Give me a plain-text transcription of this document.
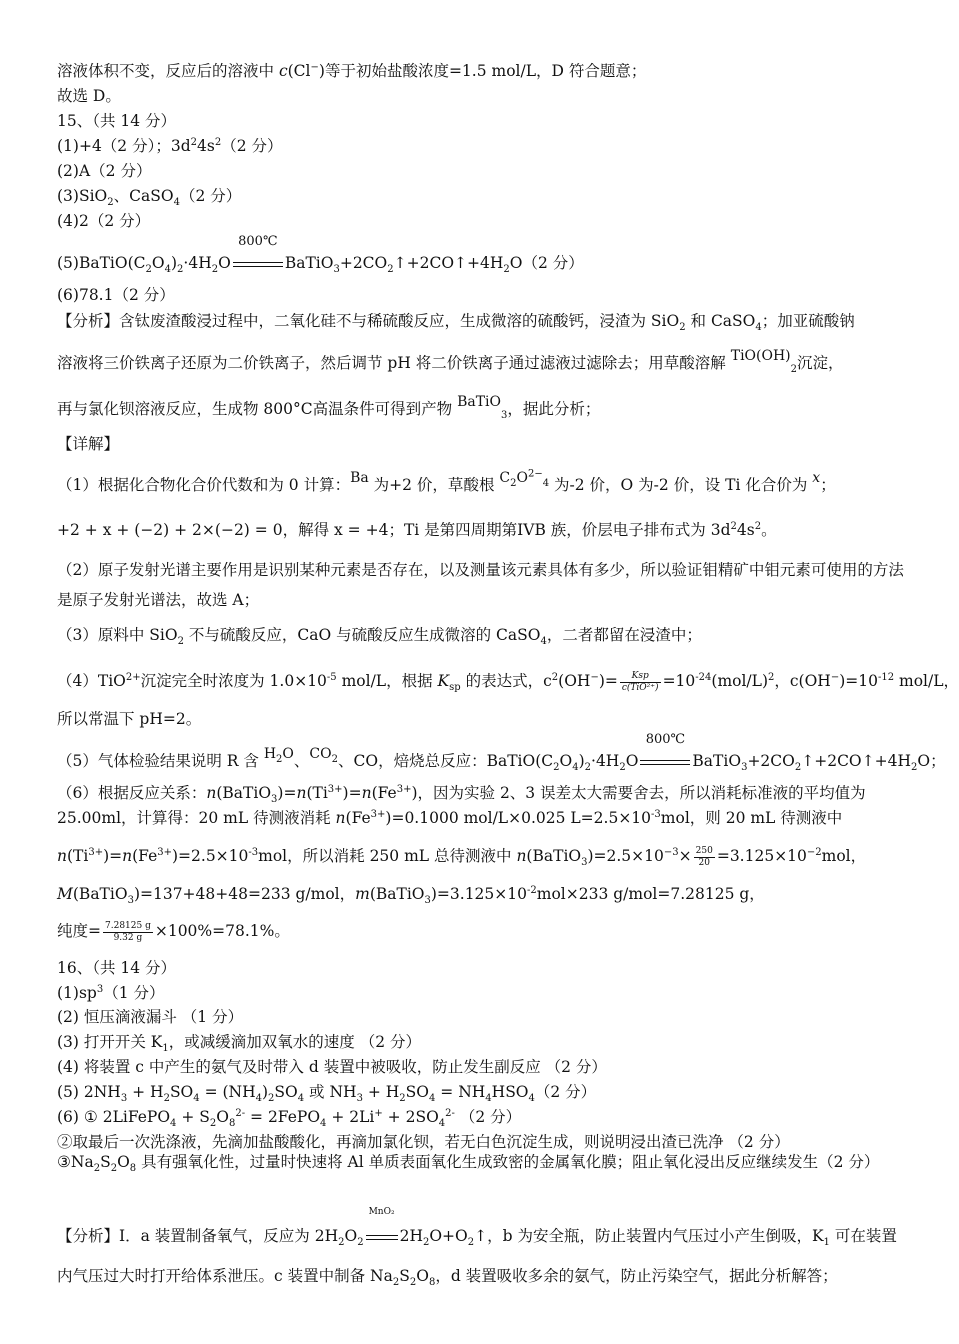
溶液体积不变，反应后的溶液中 c(Cl−)等于初始盐酸浓度=1.5 mol/L，D 符合题意；
故选 D。
15、（共 14 分）
(1)+4（2 分）；$3d^24s^2(2$ 分）
(2)A（2 分）
(3)SiO$_2$、CaSO$_4$（2 分）
(4)2（2 分）
$(5)BaTiO(C_2O_4)_2\cdot 4H_2O$
800℃
$BaTiO_3+2CO_2↑+2CO↑+4H_2O(2$ 分）
(6)78.1（2 分）
【分析】含钛废渣酸浸过程中，二氧化硅不与稀硫酸反应，生成微溶的硫酸钙，浸渣为 SiO$_2$ 和 CaSO$_4$；加亚硫酸钠
溶液将三价铁离子还原为二价铁离子，然后调节 pH 将二价铁离子通过滤液过滤除去；用草酸溶解 $TiO(OH)_2$沉淀，
再与氯化钡溶液反应，生成物 800°C高温条件可得到产物 BaTiO$_3$，据此分析；
【详解】
（1）根据化合物化合价代数和为 0 计算：Ba 为+2 价，草酸根 $C_2O^{2-}_4$ 为-2 价，O 为-2 价，设 Ti 化合价为 x；
+2 + x + (−2) + 2×(−2) = 0，解得 x = +4；Ti 是第四周期第IVB 族，价层电子排布式为 $3d^24s^2$。
（2）原子发射光谱主要作用是识别某种元素是否存在，以及测量该元素具体有多少，所以验证钼精矿中钼元素可使用的方法是原子发射光谱法，故选 A；
（3）原料中 SiO$_2$ 不与硫酸反应，CaO 与硫酸反应生成微溶的 CaSO$_4$，二者都留在浸渣中；
（4）TiO$^{2+}$沉淀完全时浓度为 $1.0\times 10^{-5}$ mol/L，根据 $K_{sp}$ 的表达式，$c^2(OH^-)= \frac{\text{Ksp}}{\text{c(TiO²⁺)}} =10^{-24}(mol/L)^2$，$c(OH^-)=10^{-12}$ mol/L，
所以常温下 pH=2。
（5）气体检验结果说明 R 含 $H_2O$、$CO_2$、CO，焙烧总反应：$BaTiO(C_2O_4)_2\cdot 4H_2O$
800℃
$BaTiO_3+2CO_2↑+2CO↑+4H_2O$；
（6）根据反应关系：$n(BaTiO_3)=n(Ti^{3+})=n(Fe^{3+})$，因为实验 2、3 误差太大需要舍去，所以消耗标准液的平均值为
25.00ml，计算得：20 mL 待测液消耗 $n(Fe^{3+})=0.1000$ mol/L×0.025 $L=2.5\times 10^{-3}mol$，则 20 mL 待测液中
$n(Ti^{3+})=n(Fe^{3+})=2.5\times 10^{-3}mol$，所以消耗 250 mL 总待测液中 $n(BaTiO_3)=2.5\times 10^{-3}\times \frac{250}{20} =3.125\times 10^{-2}mol$，
M(BaTiO$_3$)=137+48+48=233 g/mol，$m(BaTiO_3)=3.125\times 10^{-2}mol\times 233$ g/mol=7.28125 g，
纯度= $\frac{7.28125 g}{9.32 g} \times 100\%=78.1\%$。
16、（共 14 分）
$(1)sp^3(1$ 分）
(2) 恒压滴液漏斗 （1 分）
(3) 打开开关 $K_1$，或减缓滴加双氧水的速度 （2 分）
(4) 将装置 c 中产生的氨气及时带入 d 装置中被吸收，防止发生副反应 （2 分）
(5) $2NH_3 + H_2SO_4 = (NH_4)_2SO_4$ 或 $NH_3 + H_2SO_4 = NH_4HSO_4(2$ 分）
(6) ① 2LiFePO$_4$ + $S_2O_8^{2-}$ = 2FePO$_4$ + $2Li^+ + 2SO_4^{2-}$ （2 分）
②取最后一次洗涤液，先滴加盐酸酸化，再滴加氯化钡，若无白色沉淀生成，则说明浸出渣已洗净 （2 分）
$③Na_2S_2O_8$ 具有强氧化性，过量时快速将 Al 单质表面氧化生成致密的金属氧化膜；阻止氧化浸出反应继续发生（2 分）
【分析】I．a 装置制备氧气，反应为 $2H_2O_2$
MnO₂
$2H_2O+O_2↑$，b 为安全瓶，防止装置内气压过小产生倒吸，$K_1$ 可在装置内气压过大时打开给体系泄压。c 装置中制备 $Na_2S_2O_8$，d 装置吸收多余的氨气，防止污染空气，据此分析解答；
